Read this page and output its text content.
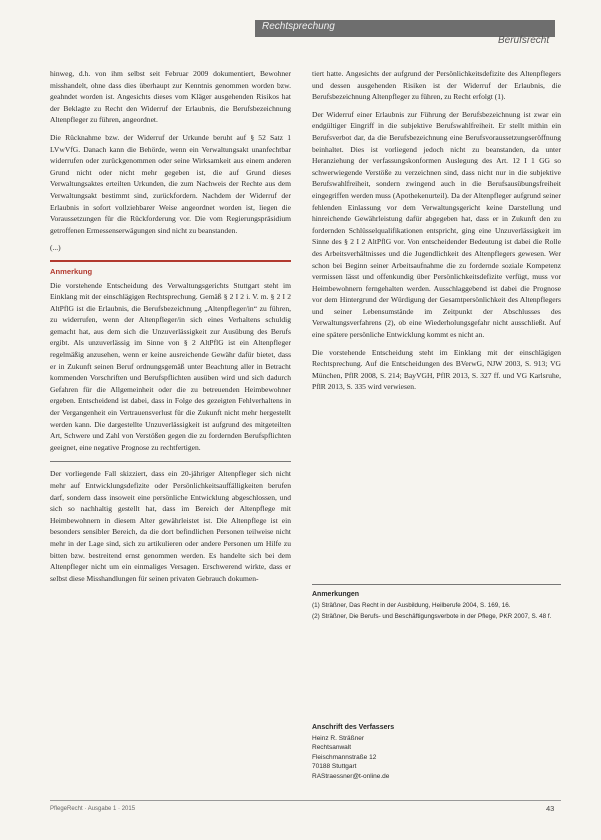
Rechtsprechung
Berufsrecht

hinweg, d.h. von ihm selbst seit Februar 2009 dokumentiert, Bewohner misshandelt, ohne dass dies überhaupt zur Kenntnis genommen worden bzw. geahndet worden ist. Angesichts dieses vom Kläger ausgehenden Risikos hat der Beklagte zu Recht den Widerruf der Erlaubnis, die Berufsbezeichnung Altenpfleger zu führen, angeordnet.

Die Rücknahme bzw. der Widerruf der Urkunde beruht auf § 52 Satz 1 LVwVfG. Danach kann die Behörde, wenn ein Verwaltungsakt unanfechtbar widerrufen oder zurückgenommen oder seine Wirksamkeit aus einem anderen Grund nicht oder nicht mehr gegeben ist, die auf Grund dieses Verwaltungsaktes erteilten Urkunden, die zum Nachweis der Rechte aus dem Verwaltungsakt bestimmt sind, zurückfordern. Nachdem der Widerruf der Erlaubnis in sofort vollziehbarer Weise angeordnet worden ist, liegen die Voraussetzungen für die Rückforderung vor. Die vom Regierungspräsidium getroffenen Ermessenserwägungen sind nicht zu beanstanden.

(...)

Anmerkung

Die vorstehende Entscheidung des Verwaltungsgerichts Stuttgart steht im Einklang mit der einschlägigen Rechtsprechung. Gemäß § 2 I 2 i. V. m. § 2 I 2 AltPflG ist die Erlaubnis, die Berufsbezeichnung „Altenpfleger/in“ zu führen, zu widerrufen, wenn der Altenpfleger/in sich eines Verhaltens schuldig gemacht hat, aus dem sich die Unzuverlässigkeit zur Ausübung des Berufs ergibt. Als unzuverlässig im Sinne von § 2 AltPflG ist ein Altenpfleger regelmäßig anzusehen, wenn er keine ausreichende Gewähr dafür bietet, dass er in Zukunft seinen Beruf ordnungsgemäß unter Beachtung aller in Betracht kommenden Vorschriften und Berufspflichten ausüben wird und sich dadurch Gefahren für die Allgemeinheit oder die zu betreuenden Heimbewohner ergeben. Entscheidend ist dabei, dass in Folge des gezeigten Fehlverhaltens in der Vergangenheit ein Vertrauensverlust für die Zukunft nicht mehr hergestellt werden kann. Die dargestellte Unzuverlässigkeit ist aufgrund des mitgeteilten Art, Schwere und Zahl von Verstößen gegen die zu fordernden Berufspflichten geeignet, eine negative Prognose zu rechtfertigen.

Der vorliegende Fall skizziert, dass ein 20-jähriger Altenpfleger sich nicht mehr auf Entwicklungsdefizite oder Persönlichkeitsauffälligkeiten berufen darf, sondern dass insoweit eine persönliche Entwicklung abgeschlossen, und sich so nachhaltig gestellt hat, dass im Bereich der Altenpflege mit Heimbewohnern in diesem Alter gewährleistet ist. Die Altenpflege ist ein besonders sensibler Bereich, da die dort befindlichen Personen teilweise nicht mehr in der Lage sind, sich zu artikulieren oder andere Personen um Hilfe zu bitten bzw. bestreitend ernst genommen werden. Es handelte sich bei dem Altenpfleger nicht um ein einmaliges Versagen. Erschwerend wirkte, dass er selbst diese Misshandlungen für seinen privaten Gebrauch dokumen-

tiert hatte. Angesichts der aufgrund der Persönlichkeitsdefizite des Altenpflegers und dessen ausgehenden Risiken ist der Widerruf der Erlaubnis, die Berufsbezeichnung Altenpfleger zu führen, zu Recht erfolgt (1).

Der Widerruf einer Erlaubnis zur Führung der Berufsbezeichnung ist zwar ein endgültiger Eingriff in die subjektive Berufswahlfreiheit. Er stellt mithin ein Berufsverbot dar, da die Berufsbezeichnung eine Berufsvoraussetzungseröffnung beinhaltet. Dies ist vorliegend jedoch nicht zu beanstanden, da unter Heranziehung der verfassungskonformen Auslegung des Art. 12 I 1 GG so schwerwiegende Verstöße zu verzeichnen sind, dass nicht nur in die subjektive Berufswahlfreiheit, sondern zwingend auch in die Berufsausübungsfreiheit eingegriffen werden muss (Apothekenurteil). Da der Altenpfleger aufgrund seiner fehlenden Einlassung vor dem Verwaltungsgericht keine Darstellung und hinreichende Gewährleistung dafür abgegeben hat, dass er in Zukunft den zu fordernden Schlüsselqualifikationen entspricht, ging eine Unzuverlässigkeit im Sinne des § 2 I 2 AltPflG vor. Von entscheidender Bedeutung ist dabei die Rolle des Arbeitsverhältnisses und die Jugendlichkeit des Altenpflegers gewesen. Wer schon bei Beginn seiner Arbeitsaufnahme die zu fordernde soziale Kompetenz vermissen lässt und offenkundig über Persönlichkeitsdefizite verfügt, muss vor Heimbewohnern ferngehalten werden. Ausschlaggebend ist dabei die Prognose vor dem Hintergrund der Würdigung der Gesamtpersönlichkeit des Altenpflegers und seiner Lebensumstände im Zeitpunkt der Abschlusses des Verwaltungsverfahrens (2), ob eine Wiederholungsgefahr nicht ausschließt. Auf eine spätere persönliche Entwicklung kommt es nicht an.

Die vorstehende Entscheidung steht im Einklang mit der einschlägigen Rechtsprechung. Auf die Entscheidungen des BVerwG, NJW 2003, S. 913; VG München, PflR 2008, S. 214; BayVGH, PflR 2013, S. 327 ff. und VG Karlsruhe, PflR 2013, S. 335 wird verwiesen.

Anmerkungen

(1) Sträßner, Das Recht in der Ausbildung, Heilberufe 2004, S. 169, 16.

(2) Sträßner, Die Berufs- und Beschäftigungsverbote in der Pflege, PKR 2007, S. 48 f.

Anschrift des Verfassers
Heinz R. Sträßner
Rechtsanwalt
Fleischmannstraße 12
70188 Stuttgart
RAStraessner@t-online.de
PflegeRecht · Ausgabe 1 · 2015	43
